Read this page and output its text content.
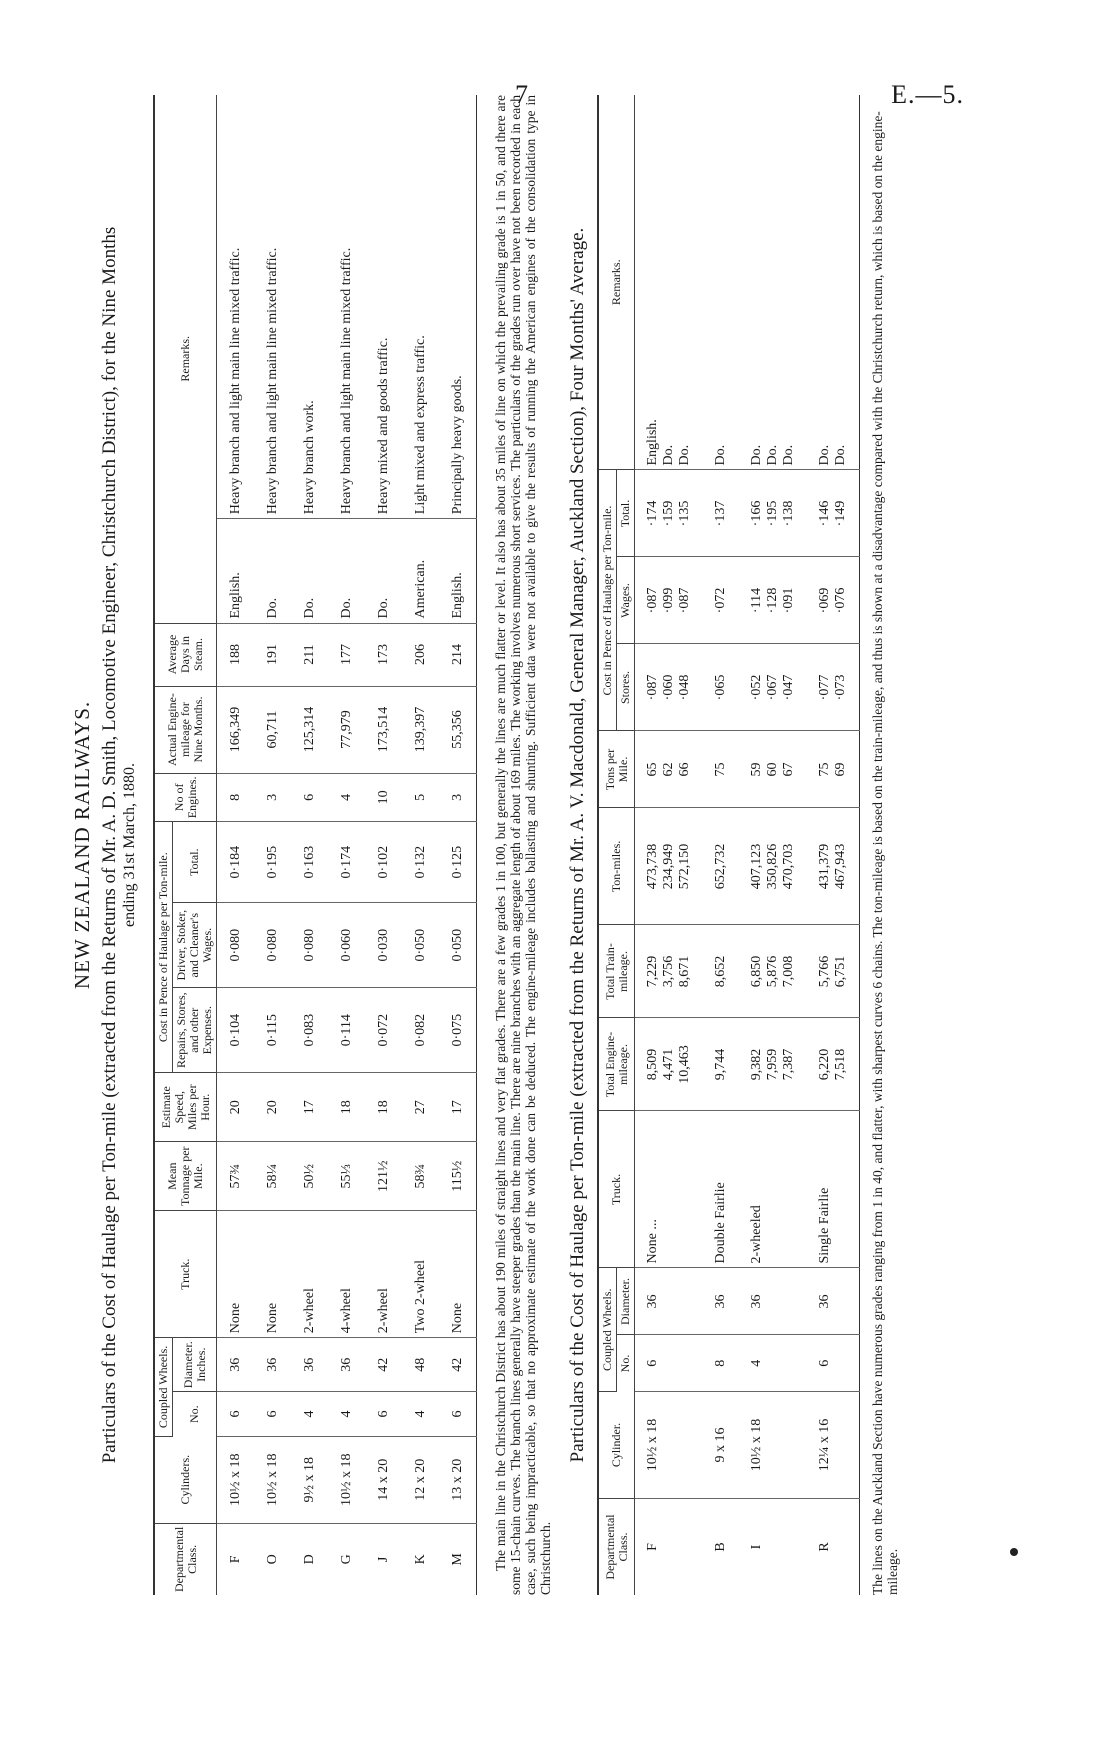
7	E.—5.
NEW ZEALAND RAILWAYS. Particulars of the Cost of Haulage per Ton-mile (extracted from the Returns of Mr. A. D. Smith, Locomotive Engineer, Christchurch District), for the Nine Months ending 31st March, 1880.
Departmental Class.	Cylinders.	Coupled Wheels.		Truck.	Mean Tonnage per Mile.	Estimate Speed, Miles per Hour.	Cost in Pence of Haulage per Ton-mile.			No of Engines.	Actual Engine-mileage for Nine Months.	Average Days in Steam.	Remarks.	
		No.	Diameter. Inches.				Repairs, Stores, and other Expenses.	Driver, Stoker, and Cleaner's Wages.	Total.					
F	10½ x 18	6	36	None	57¾	20	0·104	0·080	0·184	8	166,349	188	English.	Heavy branch and light main line mixed traffic.
O	10½ x 18	6	36	None	58¼	20	0·115	0·080	0·195	3	60,711	191	Do.	Heavy branch and light main line mixed traffic.
D	9½ x 18	4	36	2-wheel	50½	17	0·083	0·080	0·163	6	125,314	211	Do.	Heavy branch work.
G	10½ x 18	4	36	4-wheel	55⅓	18	0·114	0·060	0·174	4	77,979	177	Do.	Heavy branch and light main line mixed traffic.
J	14 x 20	6	42	2-wheel	121½	18	0·072	0·030	0·102	10	173,514	173	Do.	Heavy mixed and goods traffic.
K	12 x 20	4	48	Two 2-wheel	58¾	27	0·082	0·050	0·132	5	139,397	206	American.	Light mixed and express traffic.
M	13 x 20	6	42	None	115½	17	0·075	0·050	0·125	3	55,356	214	English.	Principally heavy goods. The main line in the Christchurch District has about 190 miles of straight lines and very flat grades. There are a few grades 1 in 100, but generally the lines are much flatter or level. It also has about 35 miles of line on which the prevailing grade is 1 in 50, and there are some 15-chain curves. The branch lines generally have steeper grades than the main line. There are nine branches with an aggregate length of about 169 miles. The working involves numerous short services. The particulars of the grades run over have not been recorded in each case, such being impracticable, so that no approximate estimate of the work done can be deduced. The engine-mileage includes ballasting and shunting. Sufficient data were not available to give the results of running the American engines of the consolidation type in Christchurch.
Particulars of the Cost of Haulage per Ton-mile (extracted from the Returns of Mr. A. V. Macdonald, General Manager, Auckland Section), Four Months' Average.
Departmental Class.	Cylinder.	Coupled Wheels.		Truck.	Total Engine-mileage.	Total Train-mileage.	Ton-miles.	Tons per Mile.	Cost in Pence of Haulage per Ton-mile.			Remarks.
		No.	Diameter.						Stores.	Wages.	Total.	
F	10½ x 18	6	36	None ...	8,509 4,471 10,463	7,229 3,756 8,671	473,738 234,949 572,150	65 62 66	·087 ·060 ·048	·087 ·099 ·087	·174 ·159 ·135	English. Do. Do.

B	9 x 16	8	36	Double Fairlie	9,744	8,652	652,732	75	·065	·072	·137	Do.

I	10½ x 18	4	36	2-wheeled	9,382 7,959 7,387	6,850 5,876 7,008	407,123 350,826 470,703	59 60 67	·052 ·067 ·047	·114 ·128 ·091	·166 ·195 ·138	Do. Do. Do.

R	12¼ x 16	6	36	Single Fairlie	6,220 7,518	5,766 6,751	431,379 467,943	75 69	·077 ·073	·069 ·076	·146 ·149	Do. Do. The lines on the Auckland Section have numerous grades ranging from 1 in 40, and flatter, with sharpest curves 6 chains. The ton-mileage is based on the train-mileage, and thus is shown at a disadvantage compared with the Christchurch return, which is based on the engine-mileage.
